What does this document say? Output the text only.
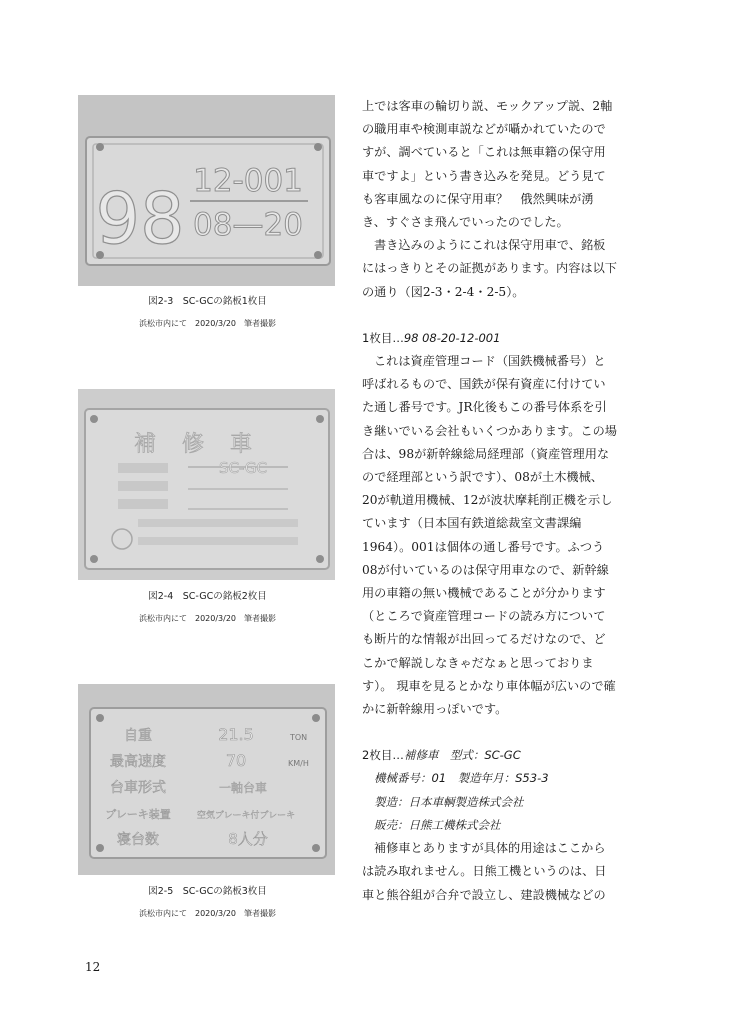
98 12-001
08—20
図2-3　SC-GCの銘板1枚目
浜松市内にて　2020/3/20　筆者撮影
補修車
SC-GC
図2-4　SC-GCの銘板2枚目
浜松市内にて　2020/3/20　筆者撮影
自重	21.5	TON
最高速度	70	KM/H
台車形式	一軸台車
ブレーキ装置	空気ブレーキ付ブレーキ
寝台数	8人分
図2-5　SC-GCの銘板3枚目
浜松市内にて　2020/3/20　筆者撮影

上では客車の輪切り説、モックアップ説、2軸の職用車や検測車説などが囁かれていたのですが、調べていると「これは無車籍の保守用車ですよ」という書き込みを発見。どう見ても客車風なのに保守用車？　俄然興味が湧き、すぐさま飛んでいったのでした。

書き込みのようにこれは保守用車で、銘板にはっきりとその証拠があります。内容は以下の通り（図2-3・2-4・2-5）。

1枚目…98 08-20-12-001

これは資産管理コード（国鉄機械番号）と呼ばれるもので、国鉄が保有資産に付けていた通し番号です。JR化後もこの番号体系を引き継いでいる会社もいくつかあります。この場合は、98が新幹線総局経理部（資産管理用なので経理部という訳です）、08が土木機械、20が軌道用機械、12が波状摩耗削正機を示しています（日本国有鉄道総裁室文書課編1964）。001は個体の通し番号です。ふつう08が付いているのは保守用車なので、新幹線用の車籍の無い機械であることが分かります（ところで資産管理コードの読み方についても断片的な情報が出回ってるだけなので、どこかで解説しなきゃだなぁと思っております）。 現車を見るとかなり車体幅が広いので確かに新幹線用っぽいです。

2枚目…補修車　型式：SC-GC

機械番号：01　製造年月：S53-3

製造：日本車輌製造株式会社

販売：日熊工機株式会社

補修車とありますが具体的用途はここからは読み取れません。日熊工機というのは、日車と熊谷組が合弁で設立し、建設機械などの

12
